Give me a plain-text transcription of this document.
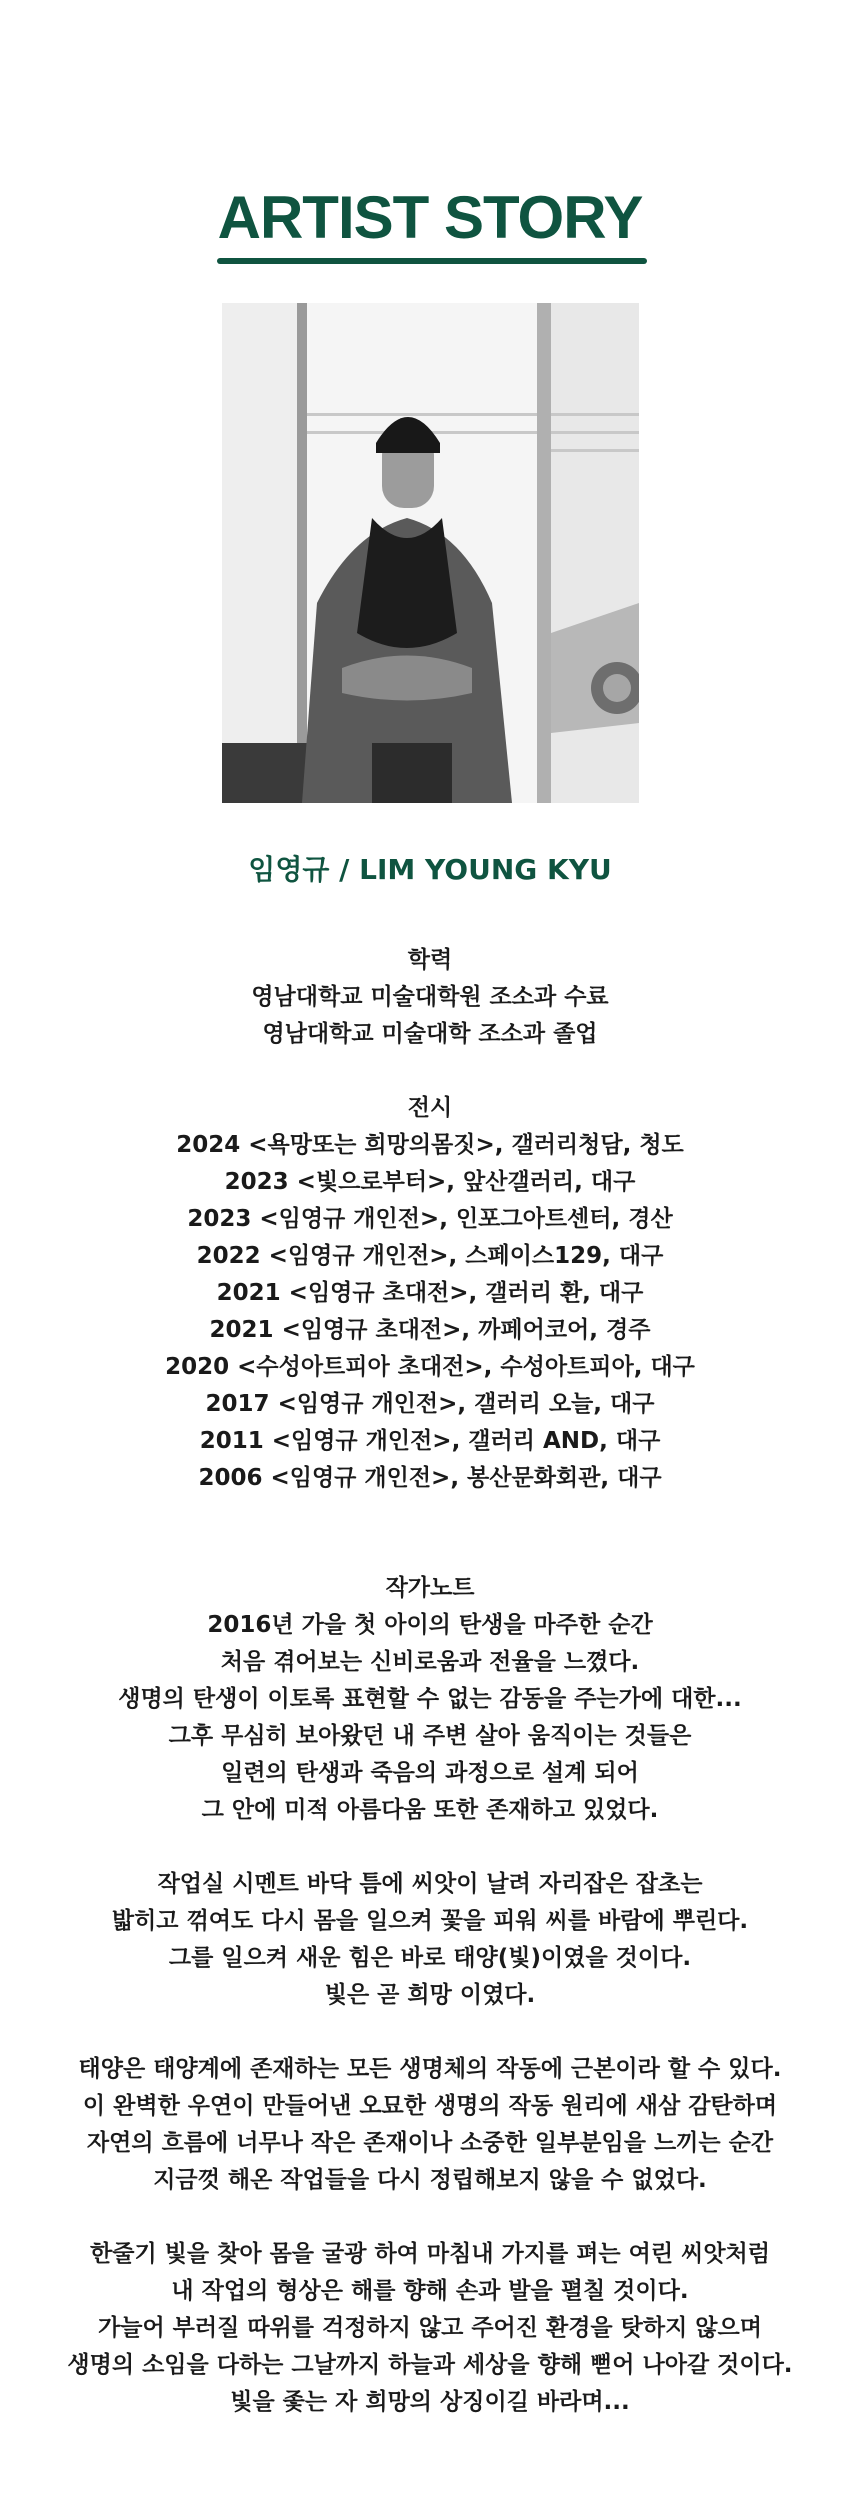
ARTIST STORY
임영규 / LIM YOUNG KYU
학력
영남대학교 미술대학원 조소과 수료
영남대학교 미술대학 조소과 졸업
전시
2024 <욕망또는 희망의몸짓>, 갤러리청담, 청도
2023 <빛으로부터>, 앞산갤러리, 대구
2023 <임영규 개인전>, 인포그아트센터, 경산
2022 <임영규 개인전>, 스페이스129, 대구
2021 <임영규 초대전>, 갤러리 환, 대구
2021 <임영규 초대전>, 까페어코어, 경주
2020 <수성아트피아 초대전>, 수성아트피아, 대구
2017 <임영규 개인전>, 갤러리 오늘, 대구
2011 <임영규 개인전>, 갤러리 AND, 대구
2006 <임영규 개인전>, 봉산문화회관, 대구
작가노트
2016년 가을 첫 아이의 탄생을 마주한 순간
처음 겪어보는 신비로움과 전율을 느꼈다.
생명의 탄생이 이토록 표현할 수 없는 감동을 주는가에 대한...
그후 무심히 보아왔던 내 주변 살아 움직이는 것들은
일련의 탄생과 죽음의 과정으로 설계 되어
그 안에 미적 아름다움 또한 존재하고 있었다.
작업실 시멘트 바닥 틈에 씨앗이 날려 자리잡은 잡초는
밟히고 꺾여도 다시 몸을 일으켜 꽃을 피워 씨를 바람에 뿌린다.
그를 일으켜 새운 힘은 바로 태양(빛)이였을 것이다.
빛은 곧 희망 이였다.
태양은 태양계에 존재하는 모든 생명체의 작동에 근본이라 할 수 있다.
이 완벽한 우연이 만들어낸 오묘한 생명의 작동 원리에 새삼 감탄하며
자연의 흐름에 너무나 작은 존재이나 소중한 일부분임을 느끼는 순간
지금껏 해온 작업들을 다시 정립해보지 않을 수 없었다.
한줄기 빛을 찾아 몸을 굴광 하여 마침내 가지를 펴는 여린 씨앗처럼
내 작업의 형상은 해를 향해 손과 발을 펼칠 것이다.
가늘어 부러질 따위를 걱정하지 않고 주어진 환경을 탓하지 않으며
생명의 소임을 다하는 그날까지 하늘과 세상을 향해 뻗어 나아갈 것이다.
빛을 좇는 자 희망의 상징이길 바라며...
